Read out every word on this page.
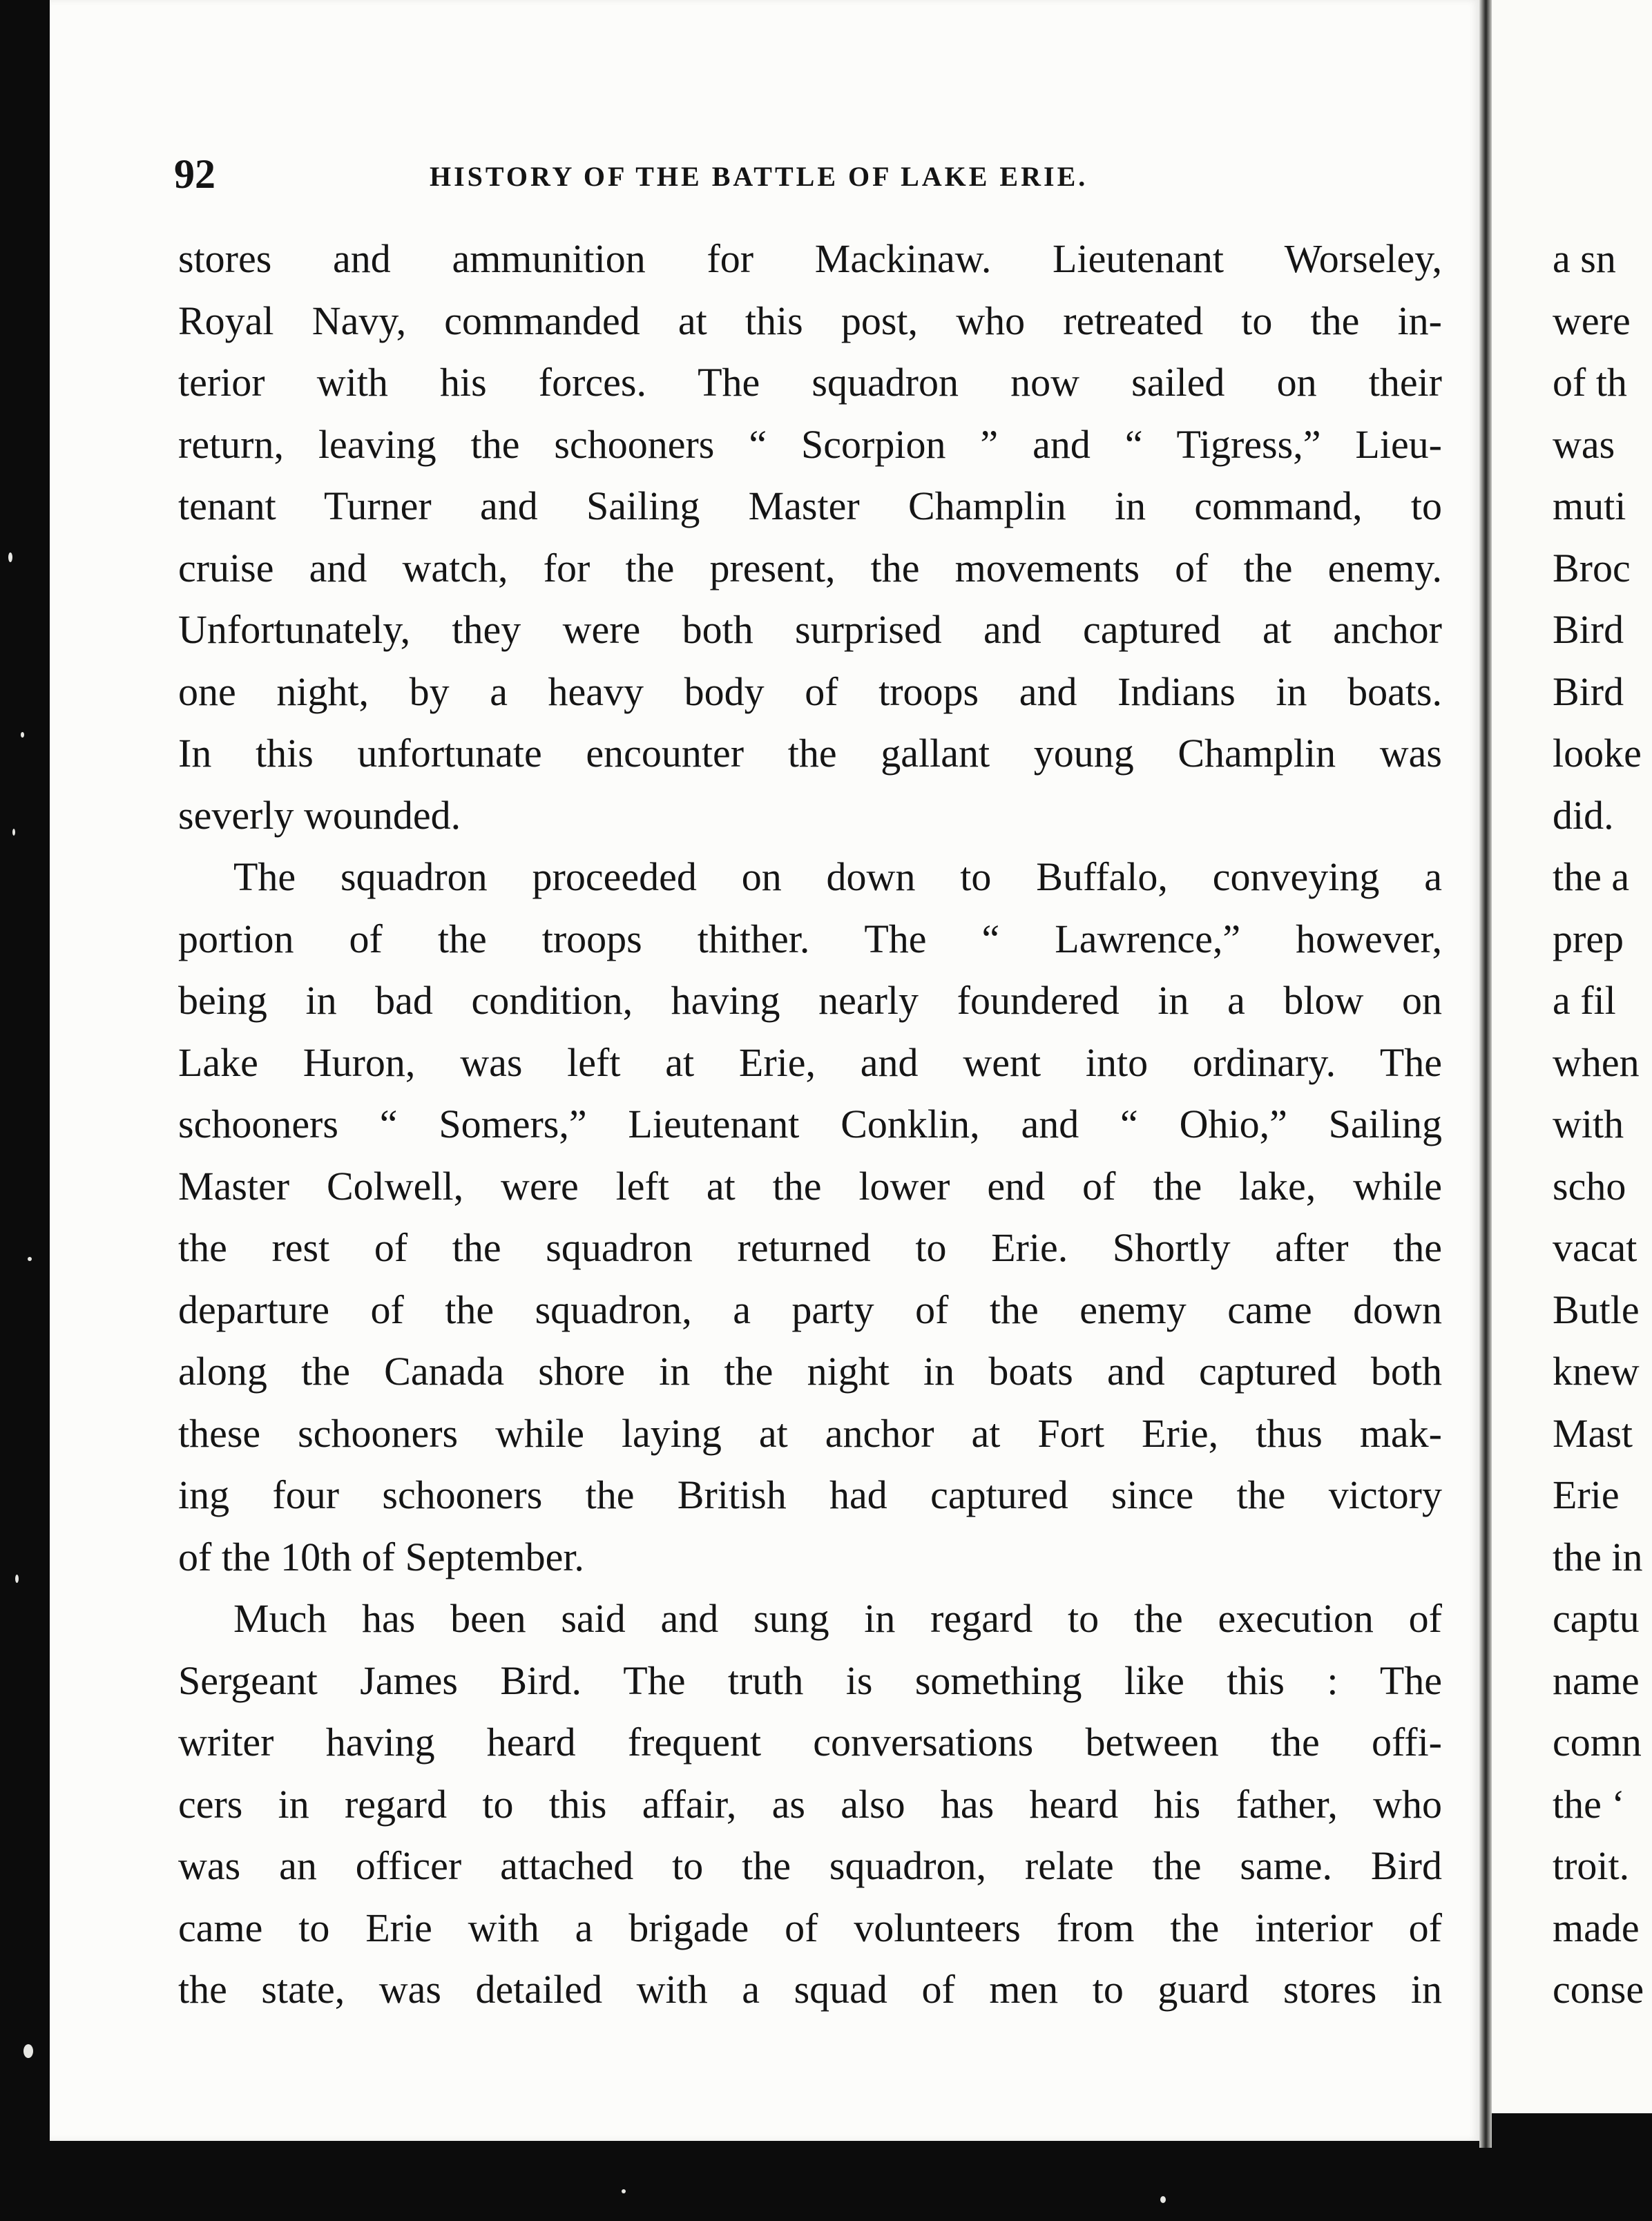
92	HISTORY OF THE BATTLE OF LAKE ERIE.
stores and ammunition for Mackinaw. Lieutenant Worseley,
Royal Navy, commanded at this post, who retreated to the in-
terior with his forces. The squadron now sailed on their
return, leaving the schooners “ Scorpion ” and “ Tigress,” Lieu-
tenant Turner and Sailing Master Champlin in command, to
cruise and watch, for the present, the movements of the enemy.
Unfortunately, they were both surprised and captured at anchor
one night, by a heavy body of troops and Indians in boats.
In this unfortunate encounter the gallant young Champlin was
severly wounded.
The squadron proceeded on down to Buffalo, conveying a
portion of the troops thither. The “ Lawrence,” however,
being in bad condition, having nearly foundered in a blow on
Lake Huron, was left at Erie, and went into ordinary. The
schooners “ Somers,” Lieutenant Conklin, and “ Ohio,” Sailing
Master Colwell, were left at the lower end of the lake, while
the rest of the squadron returned to Erie. Shortly after the
departure of the squadron, a party of the enemy came down
along the Canada shore in the night in boats and captured both
these schooners while laying at anchor at Fort Erie, thus mak-
ing four schooners the British had captured since the victory
of the 10th of September.
Much has been said and sung in regard to the execution of
Sergeant James Bird. The truth is something like this : The
writer having heard frequent conversations between the offi-
cers in regard to this affair, as also has heard his father, who
was an officer attached to the squadron, relate the same. Bird
came to Erie with a brigade of volunteers from the interior of
the state, was detailed with a squad of men to guard stores in
a sn
were
of th
was
muti
Broc
Bird
Bird
looke
did.
the a
prep
a fil
when
with
scho
vacat
Butle
knew
Mast
Erie
the in
captu
name
comn
the ‘
troit.
made
conse
